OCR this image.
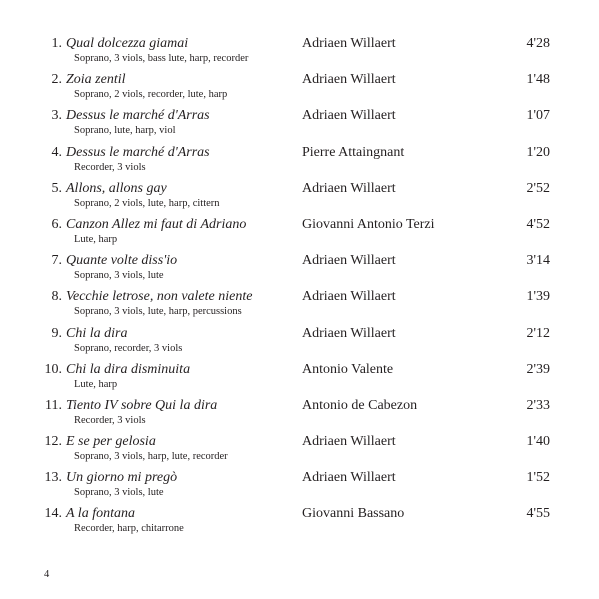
1. Qual dolcezza giamai
Soprano, 3 viols, bass lute, harp, recorder
Adriaen Willaert	4'28
2. Zoia zentil
Soprano, 2 viols, recorder, lute, harp
Adriaen Willaert	1'48
3. Dessus le marché d'Arras
Soprano, lute, harp, viol
Adriaen Willaert	1'07
4. Dessus le marché d'Arras
Recorder, 3 viols
Pierre Attaingnant	1'20
5. Allons, allons gay
Soprano, 2 viols, lute, harp, cittern
Adriaen Willaert	2'52
6. Canzon Allez mi faut di Adriano
Lute, harp
Giovanni Antonio Terzi	4'52
7. Quante volte diss'io
Soprano, 3 viols, lute
Adriaen Willaert	3'14
8. Vecchie letrose, non valete niente
Soprano, 3 viols, lute, harp, percussions
Adriaen Willaert	1'39
9. Chi la dira
Soprano, recorder, 3 viols
Adriaen Willaert	2'12
10. Chi la dira disminuita
Lute, harp
Antonio Valente	2'39
11. Tiento IV sobre Qui la dira
Recorder, 3 viols
Antonio de Cabezon	2'33
12. E se per gelosia
Soprano, 3 viols, harp, lute, recorder
Adriaen Willaert	1'40
13. Un giorno mi pregò
Soprano, 3 viols, lute
Adriaen Willaert	1'52
14. A la fontana
Recorder, harp, chitarrone
Giovanni Bassano	4'55
4
